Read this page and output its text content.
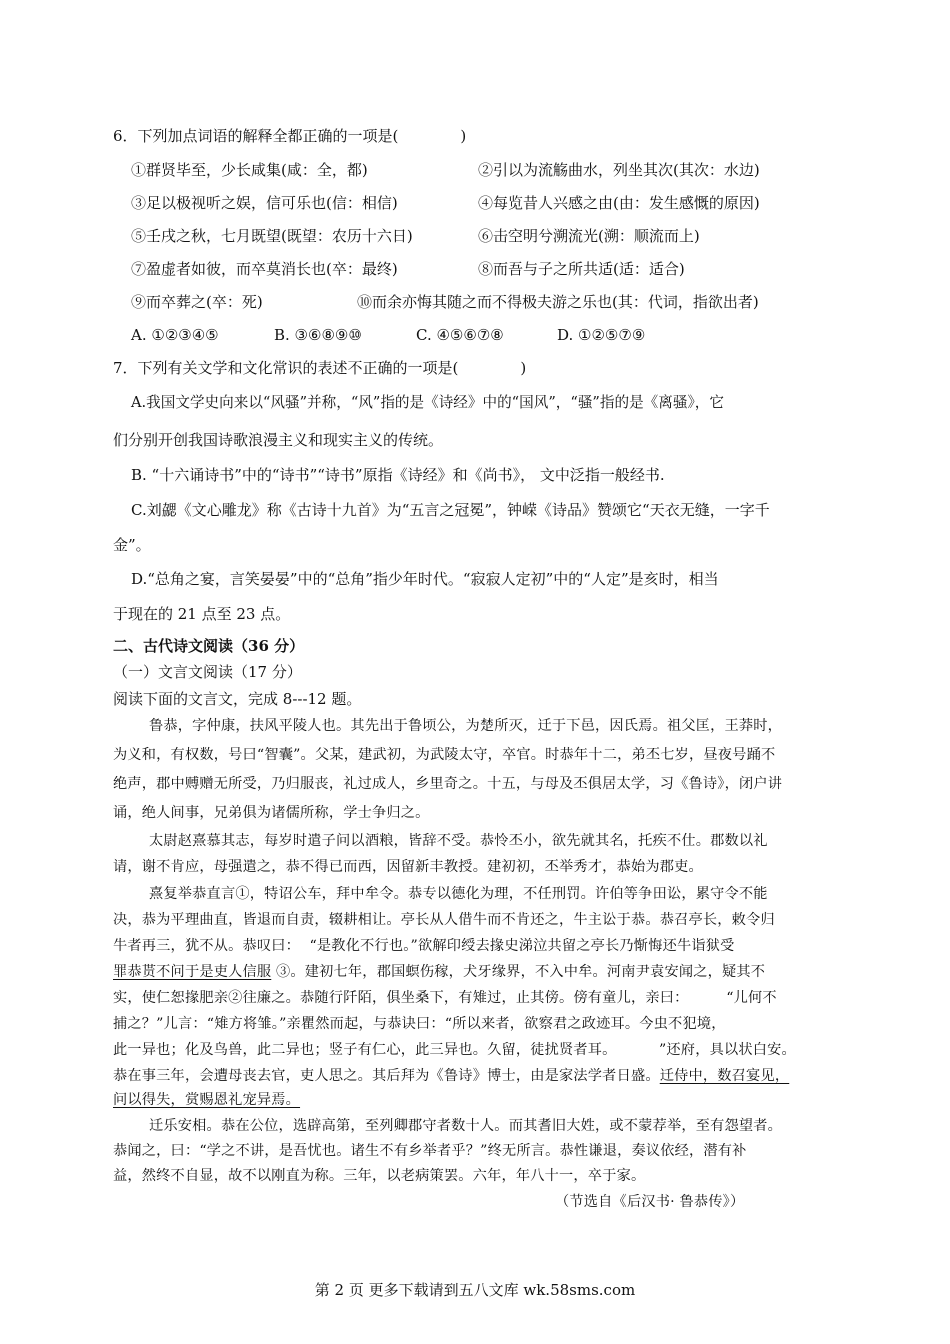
6．下列加点词语的解释全都正确的一项是(	)
①群贤毕至，少长咸集(咸：全，都)	②引以为流觞曲水，列坐其次(其次：水边)
③足以极视听之娱，信可乐也(信：相信)	④每览昔人兴感之由(由：发生感慨的原因)
⑤壬戌之秋，七月既望(既望：农历十六日)	⑥击空明兮溯流光(溯：顺流而上)
⑦盈虚者如彼，而卒莫消长也(卒：最终)	⑧而吾与子之所共适(适：适合)
⑨而卒葬之(卒：死)	⑩而余亦悔其随之而不得极夫游之乐也(其：代词，指欲出者)
A. ①②③④⑤	B. ③⑥⑧⑨⑩	C. ④⑤⑥⑦⑧	D. ①②⑤⑦⑨
7．下列有关文学和文化常识的表述不正确的一项是(	)
A.我国文学史向来以“风骚”并称，“风”指的是《诗经》中的“国风”，“骚”指的是《离骚》，它
们分别开创我国诗歌浪漫主义和现实主义的传统。
B. “十六诵诗书”中的“诗书”“诗书”原指《诗经》和《尚书》， 文中泛指一般经书.
C.刘勰《文心雕龙》称《古诗十九首》为“五言之冠冕”，钟嵘《诗品》赞颂它“天衣无缝，一字千
金”。
D.“总角之宴，言笑晏晏”中的“总角”指少年时代。“寂寂人定初”中的“人定”是亥时，相当
于现在的 21 点至 23 点。
二、古代诗文阅读（36 分）
（一）文言文阅读（17 分）
阅读下面的文言文，完成 8---12 题。
鲁恭，字仲康，扶风平陵人也。其先出于鲁顷公，为楚所灭，迁于下邑，因氏焉。祖父匡，王莽时，
为义和，有权数，号曰“智囊”。父某，建武初，为武陵太守，卒官。时恭年十二，弟丕七岁，昼夜号踊不
绝声，郡中赙赠无所受，乃归服丧，礼过成人，乡里奇之。十五，与母及丕俱居太学，习《鲁诗》，闭户讲
诵，绝人间事，兄弟俱为诸儒所称，学士争归之。
太尉赵熹慕其志，每岁时遣子问以酒粮，皆辞不受。恭怜丕小，欲先就其名，托疾不仕。郡数以礼
请，谢不肯应，母强遣之，恭不得已而西，因留新丰教授。建初初，丕举秀才，恭始为郡吏。
熹复举恭直言①，特诏公车，拜中牟令。恭专以德化为理，不任刑罚。许伯等争田讼，累守令不能
决，恭为平理曲直，皆退而自责，辍耕相让。亭长从人借牛而不肯还之，牛主讼于恭。恭召亭长，敕令归
牛者再三，犹不从。恭叹曰： “是教化不行也。”欲解印绶去掾史涕泣共留之亭长乃惭悔还牛诣狱受
罪恭贳不问于是吏人信服 ③。建初七年，郡国螟伤稼，犬牙缘界，不入中牟。河南尹袁安闻之，疑其不
实，使仁恕掾肥亲②往廉之。恭随行阡陌，俱坐桑下，有雉过，止其傍。傍有童儿，亲曰：	“儿何不
捕之？”儿言：“雉方将雏。”亲瞿然而起，与恭诀曰：“所以来者，欲察君之政迹耳。今虫不犯境，
此一异也；化及鸟兽，此二异也；竖子有仁心，此三异也。久留，徒扰贤者耳。	”还府，具以状白安。
恭在事三年，会遭母丧去官，吏人思之。其后拜为《鲁诗》博士，由是家法学者日盛。迁侍中，数召宴见，
问以得失，赏赐恩礼宠异焉。
迁乐安相。恭在公位，选辟高第，至列卿郡守者数十人。而其耆旧大姓，或不蒙荐举，至有怨望者。
恭闻之，曰：“学之不讲，是吾忧也。诸生不有乡举者乎？”终无所言。恭性谦退，奏议依经，潜有补
益，然终不自显，故不以刚直为称。三年，以老病策罢。六年，年八十一，卒于家。
（节选自《后汉书· 鲁恭传》）
第 2 页 更多下载请到五八文库 wk.58sms.com
